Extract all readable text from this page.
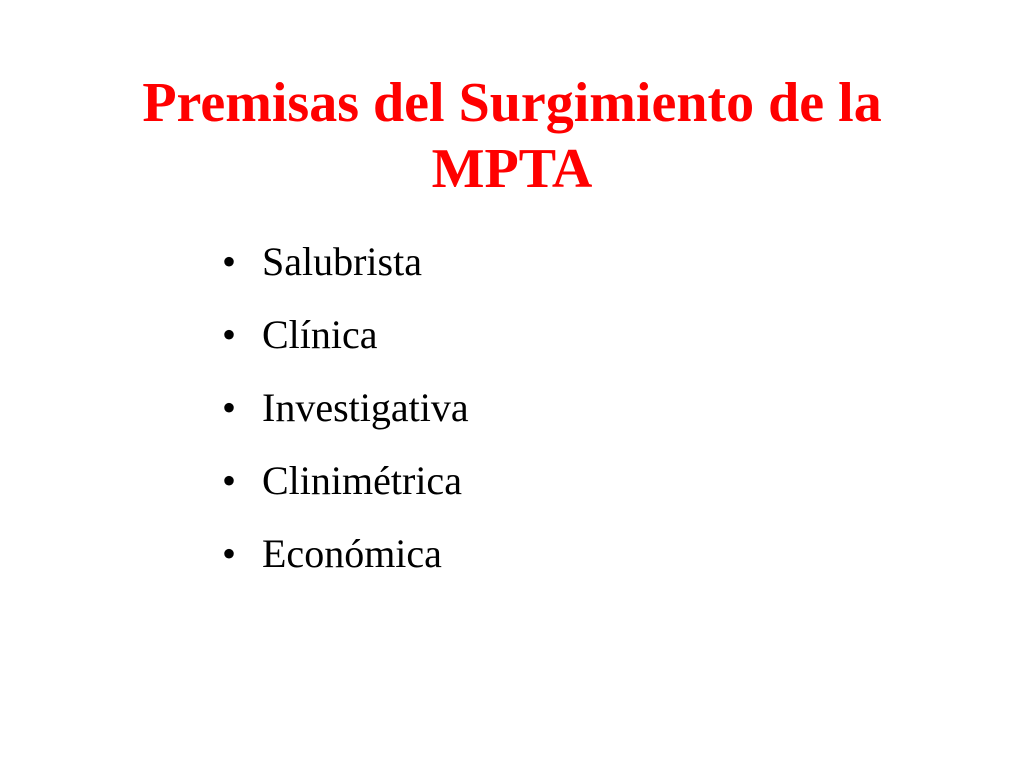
Premisas del Surgimiento de la
MPTA
• Salubrista
• Clínica
• Investigativa
• Clinimétrica
• Económica
